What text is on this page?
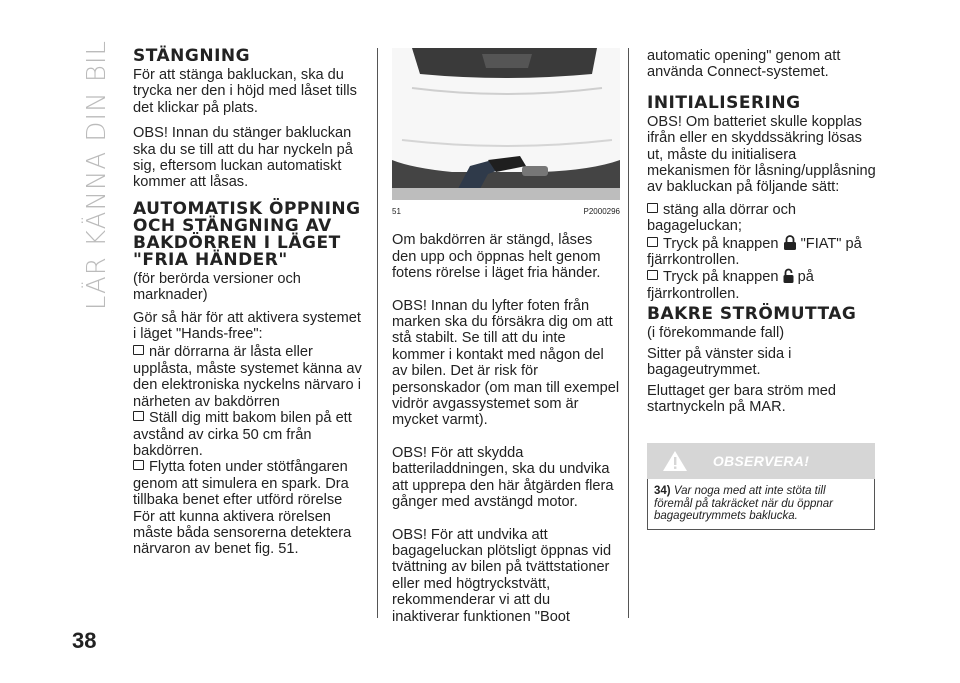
LÄR KÄNNA DIN BIL
38
STÄNGNING

För att stänga bakluckan, ska du trycka ner den i höjd med låset tills det klickar på plats.

OBS! Innan du stänger bakluckan ska du se till att du har nyckeln på sig, eftersom luckan automatiskt kommer att låsas.

AUTOMATISK ÖPPNING
OCH STÄNGNING AV
BAKDÖRREN I LÄGET
"FRIA HÄNDER"

(för berörda versioner och marknader)

Gör så här för att aktivera systemet i läget "Hands-free":

när dörrarna är låsta eller upplåsta, måste systemet känna av den elektroniska nyckelns närvaro i närheten av bakdörren
Ställ dig mitt bakom bilen på ett avstånd av cirka 50 cm från bakdörren.
Flytta foten under stötfångaren genom att simulera en spark. Dra tillbaka benet efter utförd rörelse För att kunna aktivera rörelsen måste båda sensorerna detektera närvaron av benet fig. 51.
51	P2000296

Om bakdörren är stängd, låses den upp och öppnas helt genom fotens rörelse i läget fria händer.

OBS! Innan du lyfter foten från marken ska du försäkra dig om att stå stabilt. Se till att du inte kommer i kontakt med någon del av bilen. Det är risk för personskador (om man till exempel vidrör avgassystemet som är mycket varmt).

OBS! För att skydda batteriladdningen, ska du undvika att upprepa den här åtgärden flera gånger med avstängd motor.

OBS! För att undvika att bagageluckan plötsligt öppnas vid tvättning av bilen på tvättstationer eller med högtryckstvätt, rekommenderar vi att du inaktiverar funktionen "Boot

automatic opening" genom att använda Connect-systemet.

INITIALISERING

OBS! Om batteriet skulle kopplas ifrån eller en skyddssäkring lösas ut, måste du initialisera mekanismen för låsning/upplåsning av bakluckan på följande sätt:

stäng alla dörrar och bagageluckan;
Tryck på knappen "FIAT" på
fjärrkontrollen.
Tryck på knappen på
fjärrkontrollen.
BAKRE STRÖMUTTAG

(i förekommande fall)

Sitter på vänster sida i bagageutrymmet.

Eluttaget ger bara ström med startnyckeln på MAR.

OBSERVERA!
34) Var noga med att inte stöta till föremål på takräcket när du öppnar bagageutrymmets baklucka.
